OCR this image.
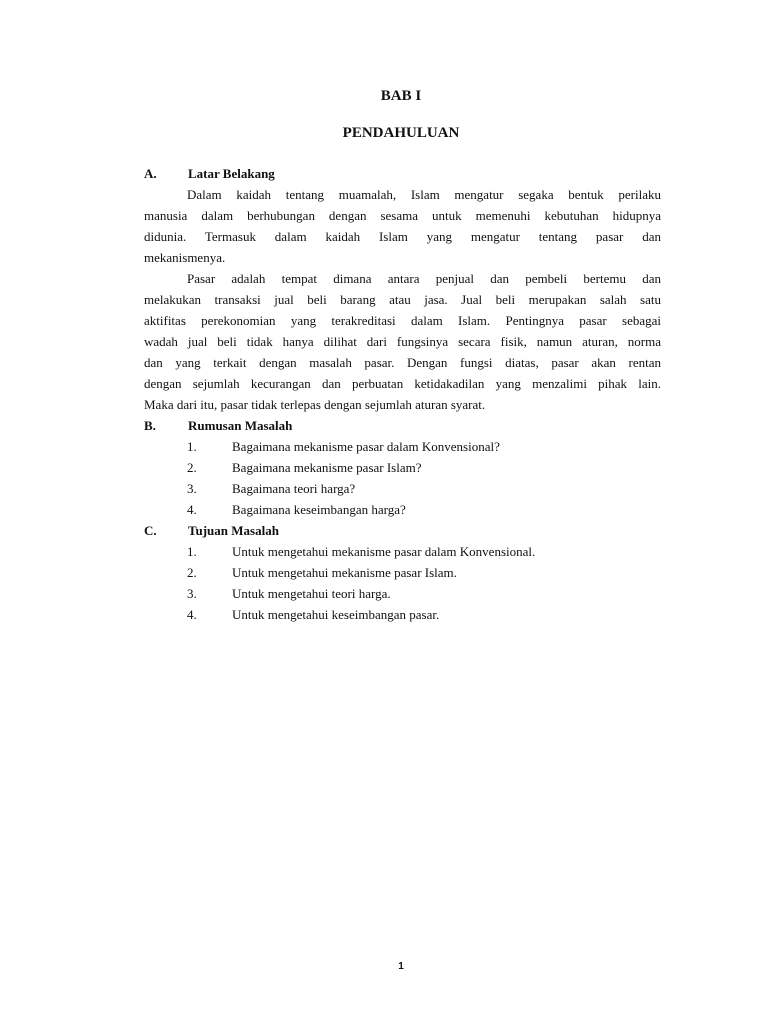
BAB I
PENDAHULUAN
A. Latar Belakang
Dalam kaidah tentang muamalah, Islam mengatur segaka bentuk perilaku
manusia dalam berhubungan dengan sesama untuk memenuhi kebutuhan hidupnya
didunia. Termasuk dalam kaidah Islam yang mengatur tentang pasar dan
mekanismenya.
Pasar adalah tempat dimana antara penjual dan pembeli bertemu dan
melakukan transaksi jual beli barang atau jasa. Jual beli merupakan salah satu
aktifitas perekonomian yang terakreditasi dalam Islam. Pentingnya pasar sebagai
wadah jual beli tidak hanya dilihat dari fungsinya secara fisik, namun aturan, norma
dan yang terkait dengan masalah pasar. Dengan fungsi diatas, pasar akan rentan
dengan sejumlah kecurangan dan perbuatan ketidakadilan yang menzalimi pihak lain.
Maka dari itu, pasar tidak terlepas dengan sejumlah aturan syarat.
B. Rumusan Masalah
1.	Bagaimana mekanisme pasar dalam Konvensional?
2.	Bagaimana mekanisme pasar Islam?
3.	Bagaimana teori harga?
4.	Bagaimana keseimbangan harga?
C. Tujuan Masalah
1.	Untuk mengetahui mekanisme pasar dalam Konvensional.
2.	Untuk mengetahui mekanisme pasar Islam.
3.	Untuk mengetahui teori harga.
4.	Untuk mengetahui keseimbangan pasar.
1
